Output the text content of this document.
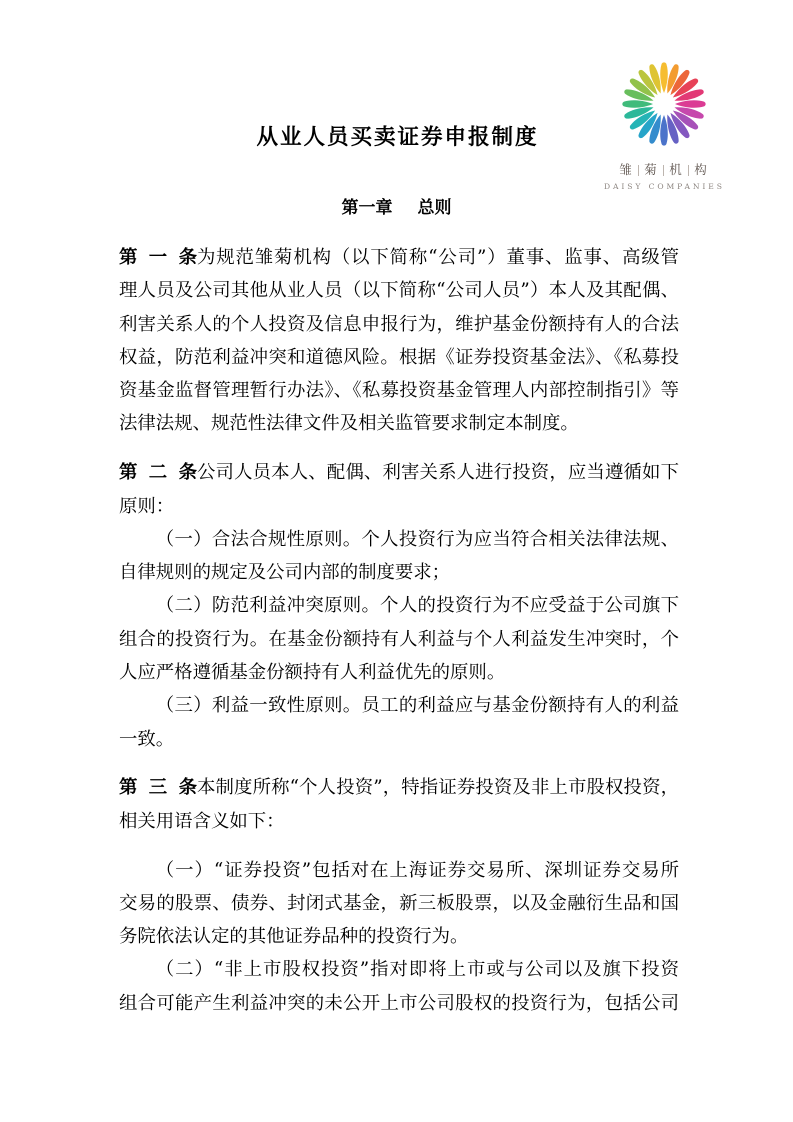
雏 菊 机 构
DAISY COMPANIES
从业人员买卖证券申报制度
第一章 总则
第一条 为规范雏菊机构（以下简称“公司”）董事、监事、高级管
理人员及公司其他从业人员（以下简称“公司人员”）本人及其配偶、
利害关系人的个人投资及信息申报行为，维护基金份额持有人的合法
权益，防范利益冲突和道德风险。根据《证券投资基金法》、《私募投
资基金监督管理暂行办法》、《私募投资基金管理人内部控制指引》等
法律法规、规范性法律文件及相关监管要求制定本制度。
第二条 公司人员本人、配偶、利害关系人进行投资，应当遵循如下
原则：
（一）合法合规性原则。个人投资行为应当符合相关法律法规、
自律规则的规定及公司内部的制度要求；
（二）防范利益冲突原则。个人的投资行为不应受益于公司旗下
组合的投资行为。在基金份额持有人利益与个人利益发生冲突时，个
人应严格遵循基金份额持有人利益优先的原则。
（三）利益一致性原则。员工的利益应与基金份额持有人的利益
一致。
第三条 本制度所称“个人投资”，特指证券投资及非上市股权投资，
相关用语含义如下：
（一）“证券投资”包括对在上海证券交易所、深圳证券交易所
交易的股票、债券、封闭式基金，新三板股票，以及金融衍生品和国
务院依法认定的其他证券品种的投资行为。
（二）“非上市股权投资”指对即将上市或与公司以及旗下投资
组合可能产生利益冲突的未公开上市公司股权的投资行为，包括公司
